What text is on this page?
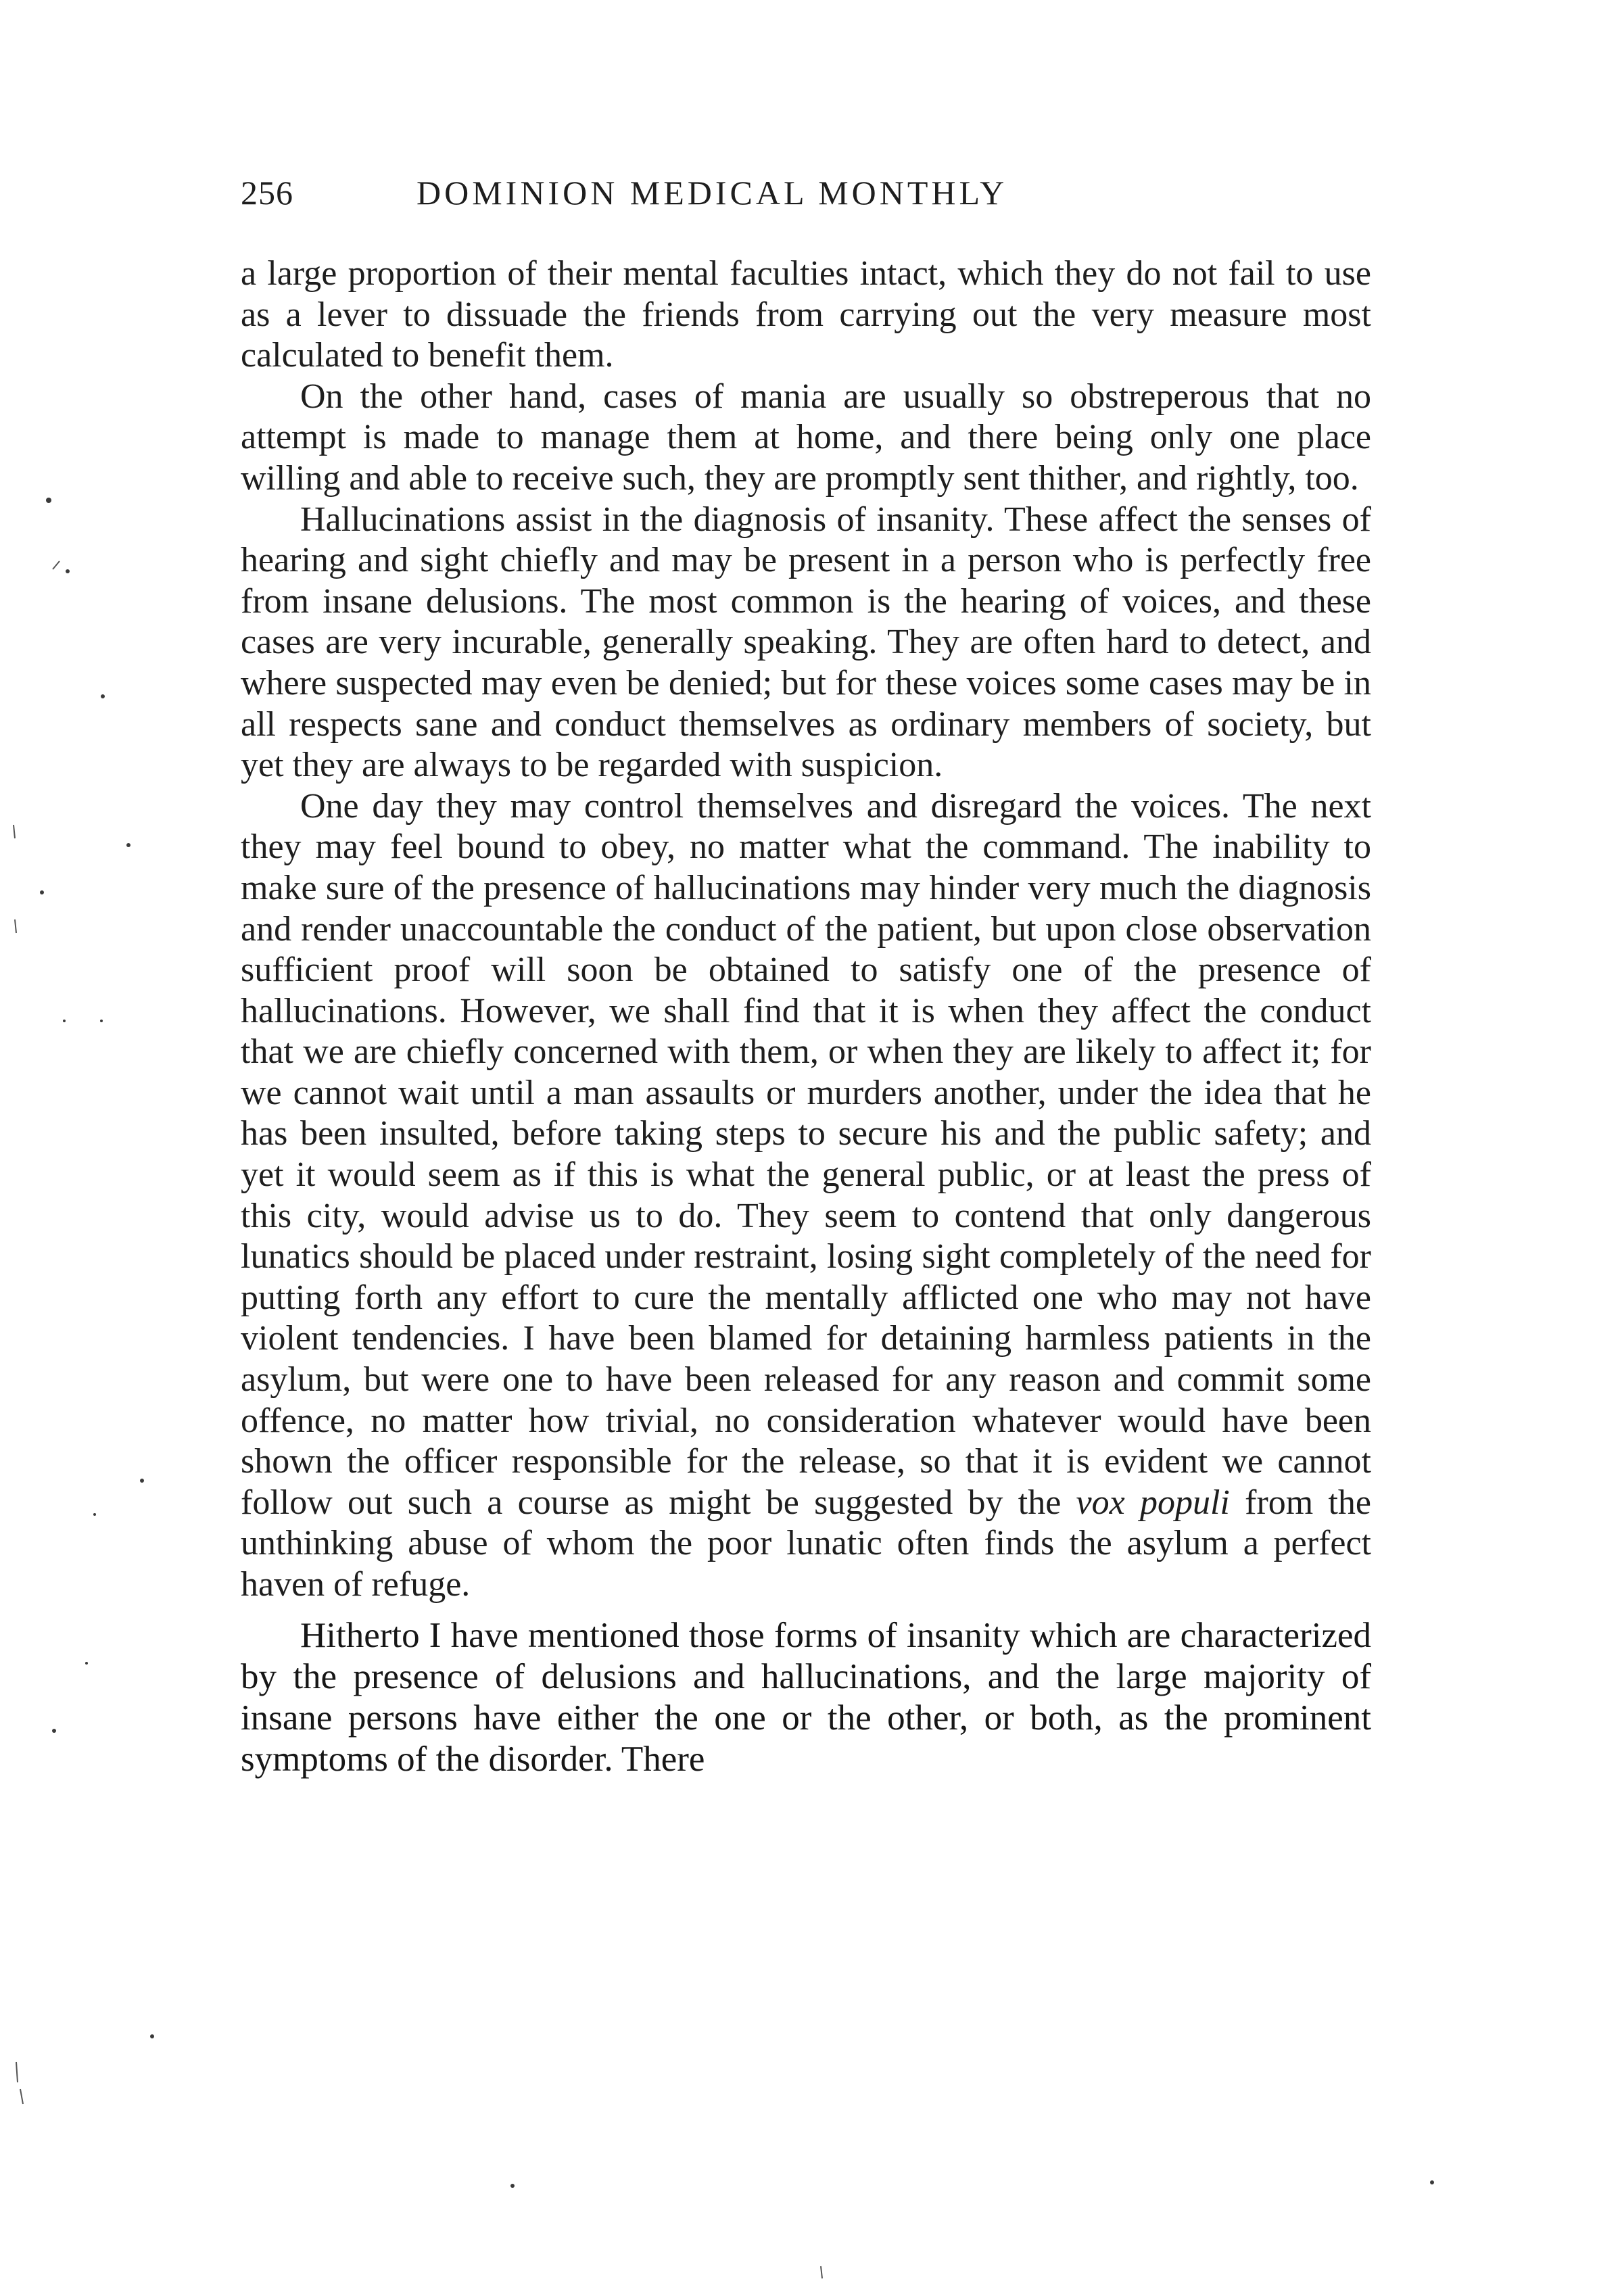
256	DOMINION MEDICAL MONTHLY

a large proportion of their mental faculties intact, which they do not fail to use as a lever to dissuade the friends from carrying out the very measure most calculated to benefit them.

On the other hand, cases of mania are usually so obstreperous that no attempt is made to manage them at home, and there being only one place willing and able to receive such, they are promptly sent thither, and rightly, too.

Hallucinations assist in the diagnosis of insanity. These affect the senses of hearing and sight chiefly and may be present in a person who is perfectly free from insane delusions. The most common is the hearing of voices, and these cases are very incurable, generally speaking. They are often hard to detect, and where suspected may even be denied; but for these voices some cases may be in all respects sane and conduct themselves as ordinary members of society, but yet they are always to be regarded with suspicion.

One day they may control themselves and disregard the voices. The next they may feel bound to obey, no matter what the command. The inability to make sure of the presence of hallucinations may hinder very much the diagnosis and render unaccountable the conduct of the patient, but upon close observation sufficient proof will soon be obtained to satisfy one of the presence of hallucinations. However, we shall find that it is when they affect the conduct that we are chiefly concerned with them, or when they are likely to affect it; for we cannot wait until a man assaults or murders another, under the idea that he has been insulted, before taking steps to secure his and the public safety; and yet it would seem as if this is what the general public, or at least the press of this city, would advise us to do. They seem to contend that only dangerous lunatics should be placed under restraint, losing sight completely of the need for putting forth any effort to cure the mentally afflicted one who may not have violent tendencies. I have been blamed for detaining harmless patients in the asylum, but were one to have been released for any reason and commit some offence, no matter how trivial, no consideration whatever would have been shown the officer responsible for the release, so that it is evident we cannot follow out such a course as might be suggested by the vox populi from the unthinking abuse of whom the poor lunatic often finds the asylum a perfect haven of refuge.

Hitherto I have mentioned those forms of insanity which are characterized by the presence of delusions and hallucinations, and the large majority of insane persons have either the one or the other, or both, as the prominent symptoms of the disorder. There
